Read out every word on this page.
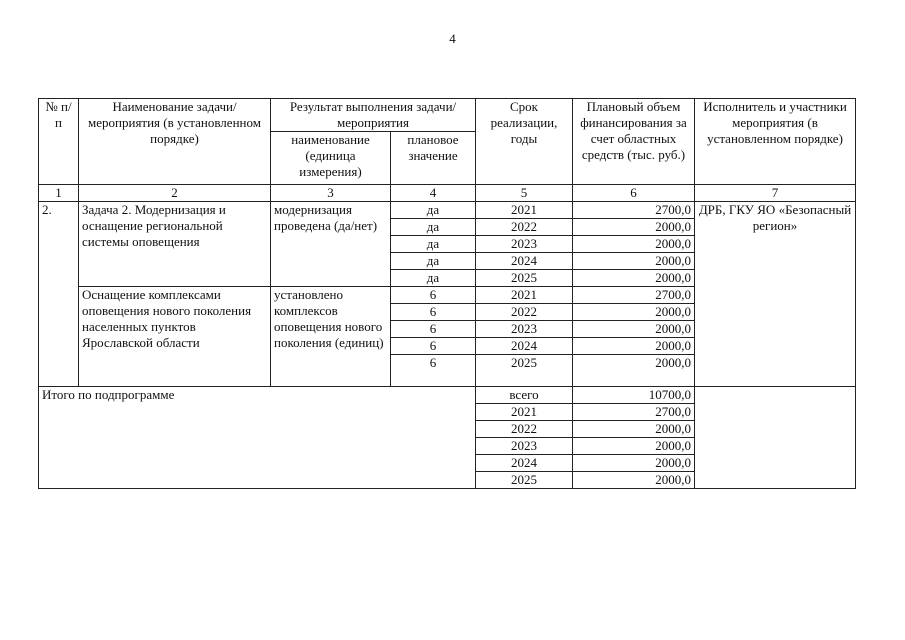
4
№ п/п	Наименование задачи/ мероприятия (в установленном порядке)	Результат выполнения задачи/ мероприятия		Срок реализации, годы	Плановый объем финансирования за счет областных средств (тыс. руб.)	Исполнитель и участники мероприятия (в установленном порядке)
		наименование (единица измерения)	плановое значение			
1	2	3	4	5	6	7
2.	Задача 2. Модернизация и оснащение региональной системы оповещения	модернизация проведена (да/нет)	да	2021	2700,0	ДРБ, ГКУ ЯО «Безопасный регион»
			да	2022	2000,0	
			да	2023	2000,0	
			да	2024	2000,0	
			да	2025	2000,0	
	Оснащение комплексами оповещения нового поколения населенных пунктов Ярославской области	установлено комплексов оповещения нового поколения (единиц)	6	2021	2700,0	
			6	2022	2000,0	
			6	2023	2000,0	
			6	2024	2000,0	
			6	2025	2000,0	
Итого по подпрограмме				всего	10700,0	
				2021	2700,0	
				2022	2000,0	
				2023	2000,0	
				2024	2000,0	
				2025	2000,0	
